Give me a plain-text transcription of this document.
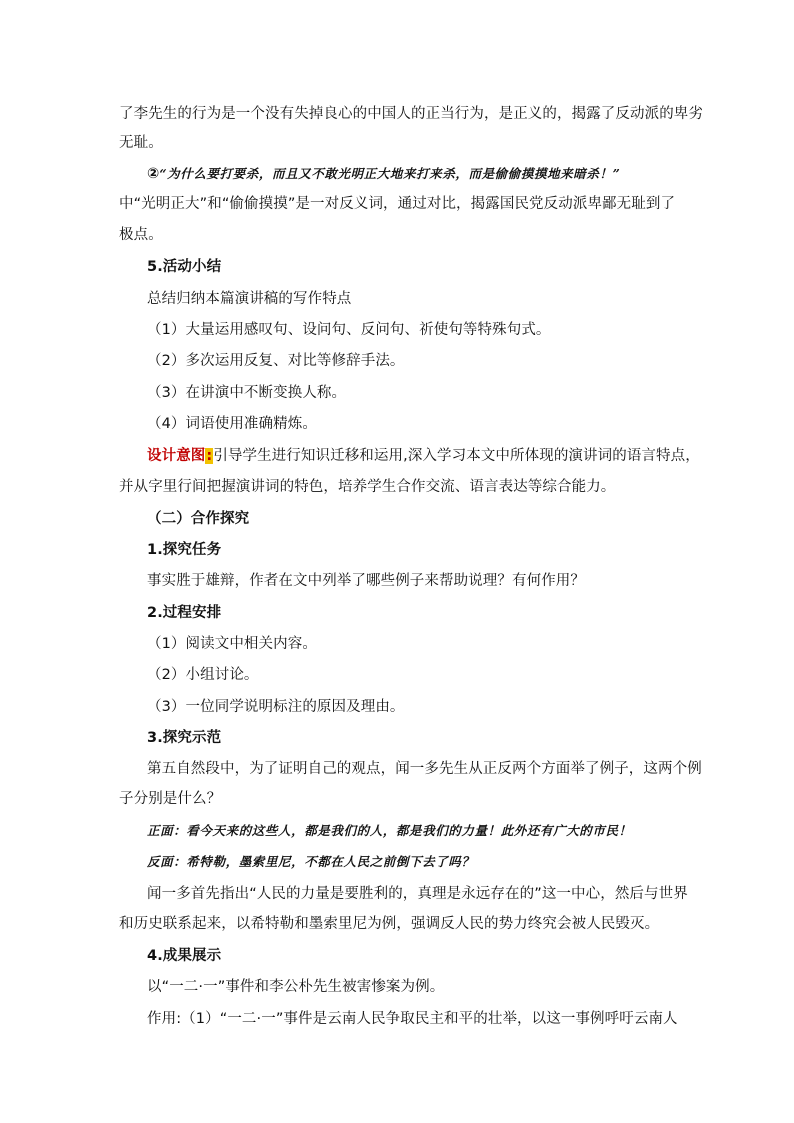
了李先生的行为是一个没有失掉良心的中国人的正当行为，是正义的，揭露了反动派的卑劣
无耻。
②“为什么要打要杀，而且又不敢光明正大地来打来杀，而是偷偷摸摸地来暗杀！”
中“光明正大”和“偷偷摸摸”是一对反义词，通过对比，揭露国民党反动派卑鄙无耻到了
极点。
5.活动小结
总结归纳本篇演讲稿的写作特点
（1）大量运用感叹句、设问句、反问句、祈使句等特殊句式。
（2）多次运用反复、对比等修辞手法。
（3）在讲演中不断变换人称。
（4）词语使用准确精炼。
设计意图:引导学生进行知识迁移和运用,深入学习本文中所体现的演讲词的语言特点，
并从字里行间把握演讲词的特色，培养学生合作交流、语言表达等综合能力。
（二）合作探究
1.探究任务
事实胜于雄辩，作者在文中列举了哪些例子来帮助说理？有何作用？
2.过程安排
（1）阅读文中相关内容。
（2）小组讨论。
（3）一位同学说明标注的原因及理由。
3.探究示范
第五自然段中，为了证明自己的观点，闻一多先生从正反两个方面举了例子，这两个例
子分别是什么？
正面：看今天来的这些人，都是我们的人，都是我们的力量！此外还有广大的市民！
反面：希特勒，墨索里尼，不都在人民之前倒下去了吗？
闻一多首先指出“人民的力量是要胜利的，真理是永远存在的”这一中心，然后与世界
和历史联系起来，以希特勒和墨索里尼为例，强调反人民的势力终究会被人民毁灭。
4.成果展示
以“一二·一”事件和李公朴先生被害惨案为例。
作用:（1）“一二·一”事件是云南人民争取民主和平的壮举，以这一事例呼吁云南人
